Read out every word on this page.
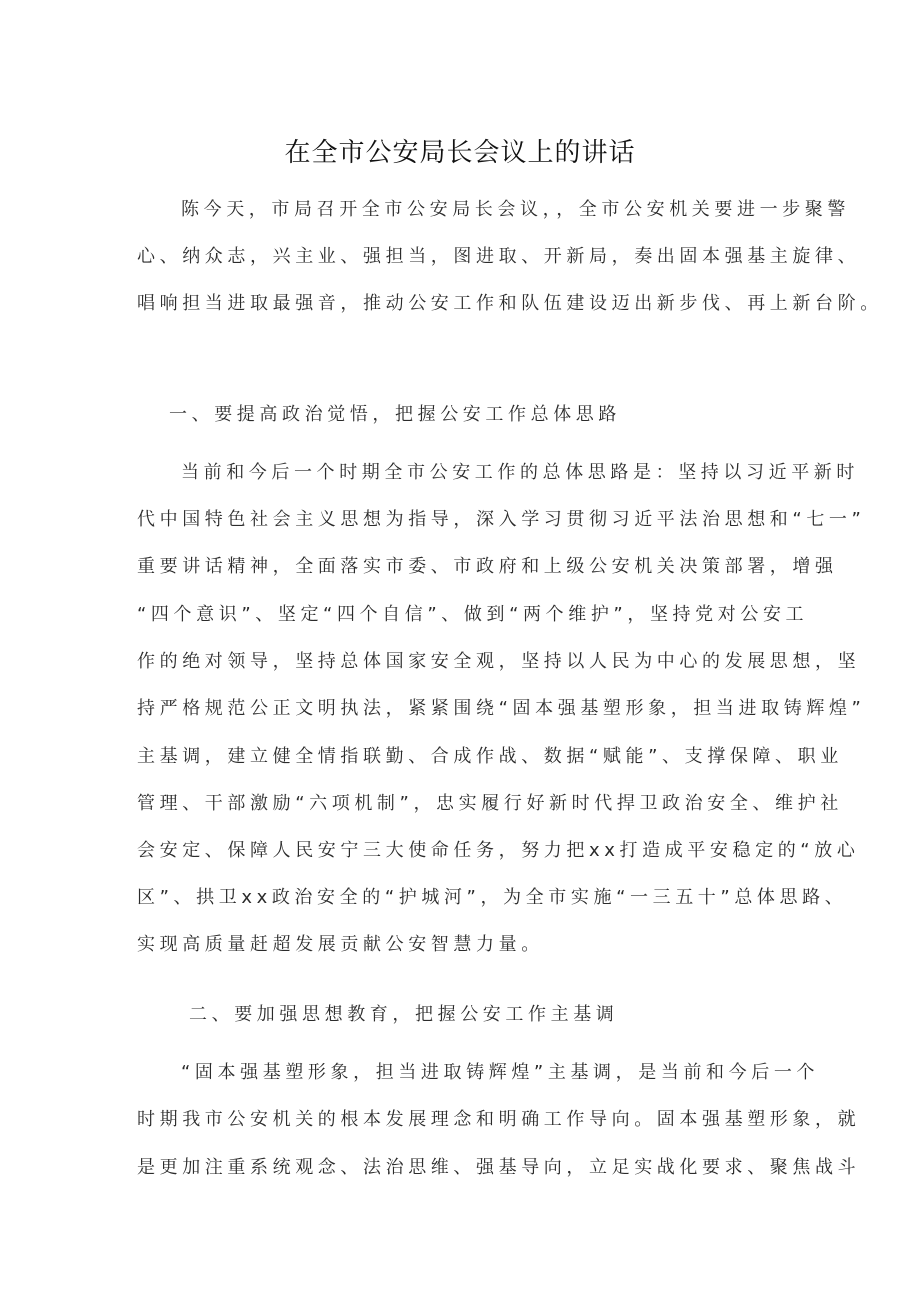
在全市公安局长会议上的讲话

陈今天，市局召开全市公安局长会议，，全市公安机关要进一步聚警

心、纳众志，兴主业、强担当，图进取、开新局，奏出固本强基主旋律、

唱响担当进取最强音，推动公安工作和队伍建设迈出新步伐、再上新台阶。

一、要提高政治觉悟，把握公安工作总体思路

当前和今后一个时期全市公安工作的总体思路是：坚持以习近平新时

代中国特色社会主义思想为指导，深入学习贯彻习近平法治思想和“七一”

重要讲话精神，全面落实市委、市政府和上级公安机关决策部署，增强

“四个意识”、坚定“四个自信”、做到“两个维护”，坚持党对公安工

作的绝对领导，坚持总体国家安全观，坚持以人民为中心的发展思想，坚

持严格规范公正文明执法，紧紧围绕“固本强基塑形象，担当进取铸辉煌”

主基调，建立健全情指联勤、合成作战、数据“赋能”、支撑保障、职业

管理、干部激励“六项机制”，忠实履行好新时代捍卫政治安全、维护社

会安定、保障人民安宁三大使命任务，努力把xx打造成平安稳定的“放心

区”、拱卫xx政治安全的“护城河”，为全市实施“一三五十”总体思路、

实现高质量赶超发展贡献公安智慧力量。

二、要加强思想教育，把握公安工作主基调

“固本强基塑形象，担当进取铸辉煌”主基调，是当前和今后一个

时期我市公安机关的根本发展理念和明确工作导向。固本强基塑形象，就

是更加注重系统观念、法治思维、强基导向，立足实战化要求、聚焦战斗
